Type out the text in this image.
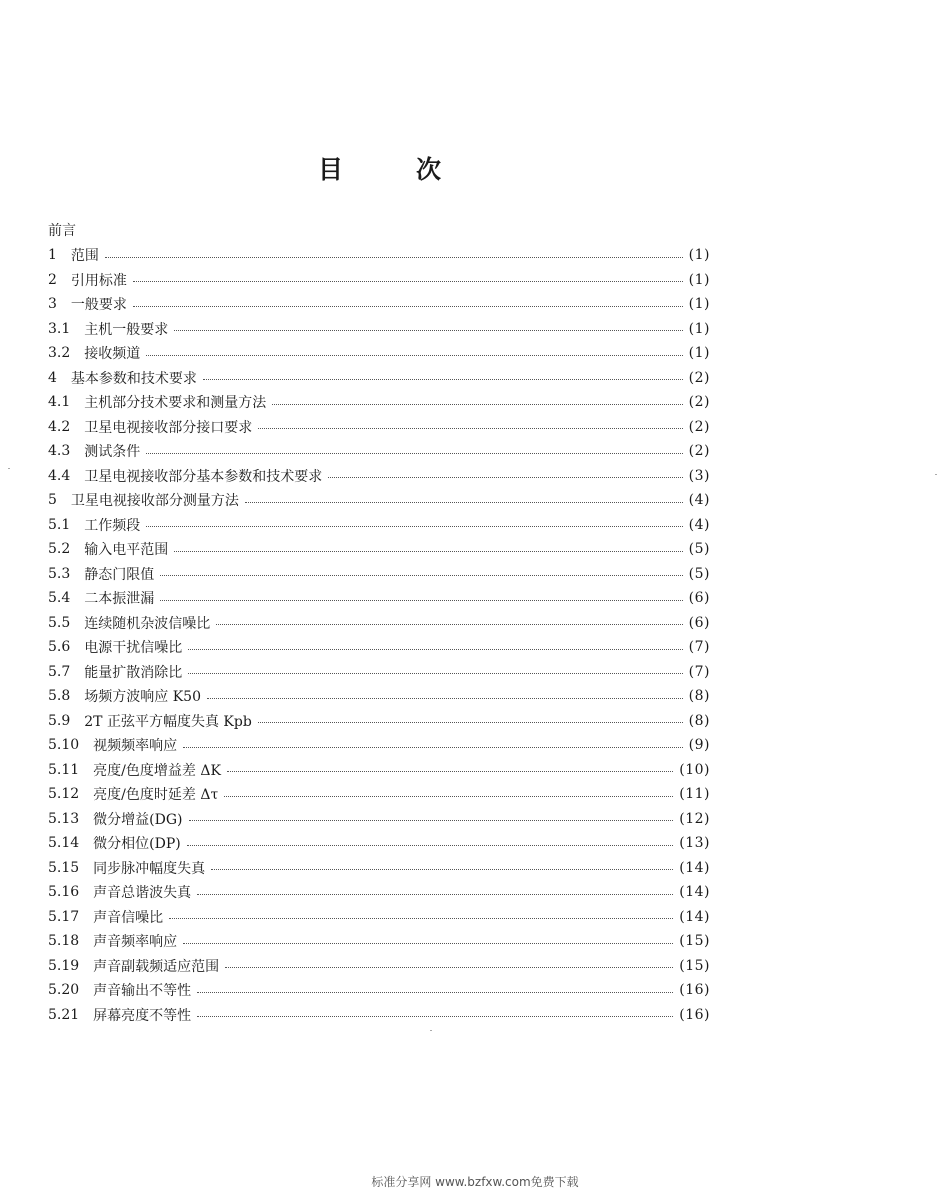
目	次
前言
1 范围	(1)
2 引用标准	(1)
3 一般要求	(1)
3.1 主机一般要求	(1)
3.2 接收频道	(1)
4 基本参数和技术要求	(2)
4.1 主机部分技术要求和测量方法	(2)
4.2 卫星电视接收部分接口要求	(2)
4.3 测试条件	(2)
4.4 卫星电视接收部分基本参数和技术要求	(3)
5 卫星电视接收部分测量方法	(4)
5.1 工作频段	(4)
5.2 输入电平范围	(5)
5.3 静态门限值	(5)
5.4 二本振泄漏	(6)
5.5 连续随机杂波信噪比	(6)
5.6 电源干扰信噪比	(7)
5.7 能量扩散消除比	(7)
5.8 场频方波响应 K50	(8)
5.9 2T 正弦平方幅度失真 Kpb	(8)
5.10 视频频率响应	(9)
5.11 亮度/色度增益差 ΔK	(10)
5.12 亮度/色度时延差 Δτ	(11)
5.13 微分增益(DG)	(12)
5.14 微分相位(DP)	(13)
5.15 同步脉冲幅度失真	(14)
5.16 声音总谐波失真	(14)
5.17 声音信噪比	(14)
5.18 声音频率响应	(15)
5.19 声音副载频适应范围	(15)
5.20 声音输出不等性	(16)
5.21 屏幕亮度不等性	(16)
标准分享网 www.bzfxw.com免费下载
